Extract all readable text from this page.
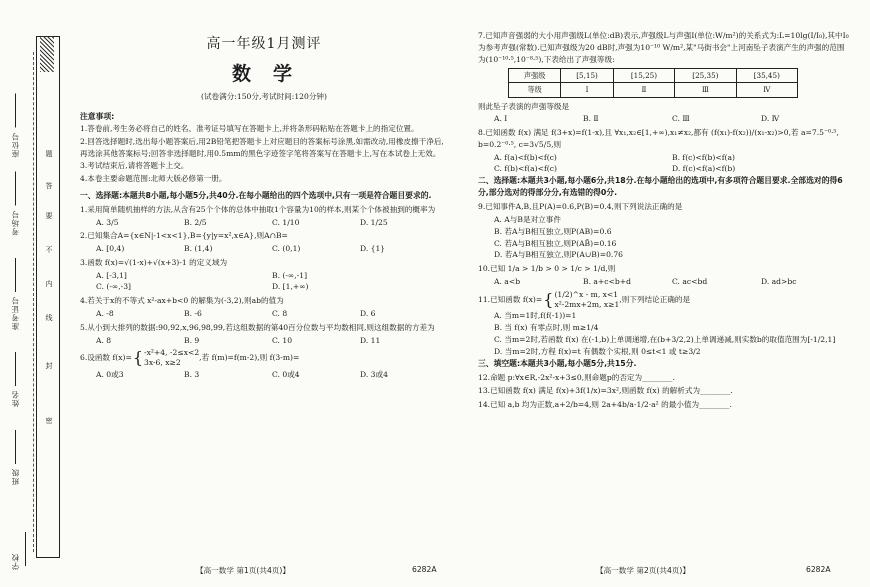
学校
班级
姓名
准考证号
考场号
座位号
密
封
线
内
不
要
答
题
高一年级1月测评
数学
(试卷满分:150分,考试时间:120分钟)
注意事项:
1.答卷前,考生务必将自己的姓名、准考证号填写在答题卡上,并将条形码粘贴在答题卡上的指定位置。
2.回答选择题时,选出每小题答案后,用2B铅笔把答题卡上对应题目的答案标号涂黑,如需改动,用橡皮擦干净后,再选涂其他答案标号;回答非选择题时,用0.5mm的黑色字迹签字笔将答案写在答题卡上,写在本试卷上无效。
3.考试结束后,请将答题卡上交。
4.本卷主要命题范围:北师大版必修第一册。
一、选择题:本题共8小题,每小题5分,共40分.在每小题给出的四个选项中,只有一项是符合题目要求的.
1.采用简单随机抽样的方法,从含有25个个体的总体中抽取1个容量为10的样本,则某个个体被抽到的概率为
A. 3/5	B. 2/5	C. 1/10	D. 1/25
2.已知集合A={x∈N|-1<x<1},B={y|y=x²,x∈A},则A∩B=
A. [0,4)	B. (1,4)	C. (0,1)	D. {1}
3.函数 f(x)=√(1-x)+√(x+3)-1 的定义域为
A. [-3,1]	B. (-∞,-1]
C. (-∞,-3]	D. [1,+∞)
4.若关于x的不等式 x²-ax+b<0 的解集为(-3,2),则ab的值为
A. -8	B. -6	C. 8	D. 6
5.从小到大排列的数据:90,92,x,96,98,99,若这组数据的第40百分位数与平均数相同,则这组数据的方差为
A. 8	B. 9	C. 10	D. 11
6.设函数 f(x)= { -x²+4, -2≤x<2
3x-6, x≥2
,若 f(m)=f(m-2),则 f(3-m)=
A. 0或3	B. 3	C. 0或4	D. 3或4
【高一数学 第1页(共4页)】	6282A
7.已知声音强弱的大小用声强级L(单位:dB)表示,声强级L与声强I(单位:W/m²)的关系式为:L=10lg(I/I₀),其中I₀为参考声强(常数).已知声强级为20 dB时,声强为10⁻¹⁰ W/m²,某"马街书会"上河南坠子表演产生的声强的范围为(10⁻¹⁰·⁵,10⁻⁸·⁵),下表给出了声强等级:
声强级	[5,15)	[15,25)	[25,35)	[35,45)
等级	Ⅰ	Ⅱ	Ⅲ	Ⅳ
则此坠子表演的声强等级是
A. Ⅰ	B. Ⅱ	C. Ⅲ	D. Ⅳ
8.已知函数 f(x) 满足 f(3+x)=f(1-x),且 ∀x₁,x₂∈[1,+∞),x₁≠x₂,都有 (f(x₁)-f(x₂))/(x₁-x₂)>0,若 a=7.5⁻⁰·⁵, b=0.2⁻⁰·⁵, c=3√5/5,则
A. f(a)<f(b)<f(c)	B. f(c)<f(b)<f(a)
C. f(b)<f(a)<f(c)	D. f(c)<f(a)<f(b)
二、选择题:本题共3小题,每小题6分,共18分.在每小题给出的选项中,有多项符合题目要求.全部选对的得6分,部分选对的得部分分,有选错的得0分.
9.已知事件A,B,且P(A)=0.6,P(B)=0.4,则下列说法正确的是
A. A与B是对立事件
B. 若A与B相互独立,则P(AB)=0.6
C. 若A与B相互独立,则P(AB̄)=0.16
D. 若A与B相互独立,则P(A∪B)=0.76
10.已知 1/a > 1/b > 0 > 1/c > 1/d,则
A. a<b	B. a+c<b+d	C. ac<bd	D. ad>bc
11.已知函数 f(x)= { (1/2)^x - m, x<1
x²-2mx+2m, x≥1
,则下列结论正确的是
A. 当m=1时,f(f(-1))=1
B. 当 f(x) 有零点时,则 m≥1/4
C. 当m=2时,若函数 f(x) 在(-1,b)上单调递增,在(b+3/2,2)上单调递减,则实数b的取值范围为[-1/2,1]
D. 当m=2时,方程 f(x)=t 有偶数个实根,则 0≤t<1 或 t≥3/2
三、填空题:本题共3小题,每小题5分,共15分.
12.命题 p:∀x∈R,-2x²-x+3≤0,则命题p的否定为________.
13.已知函数 f(x) 满足 f(x)+3f(1/x)=3x²,则函数 f(x) 的解析式为________.
14.已知 a,b 均为正数,a+2/b=4,则 2a+4b/a-1/2·a² 的最小值为________.
【高一数学 第2页(共4页)】	6282A
